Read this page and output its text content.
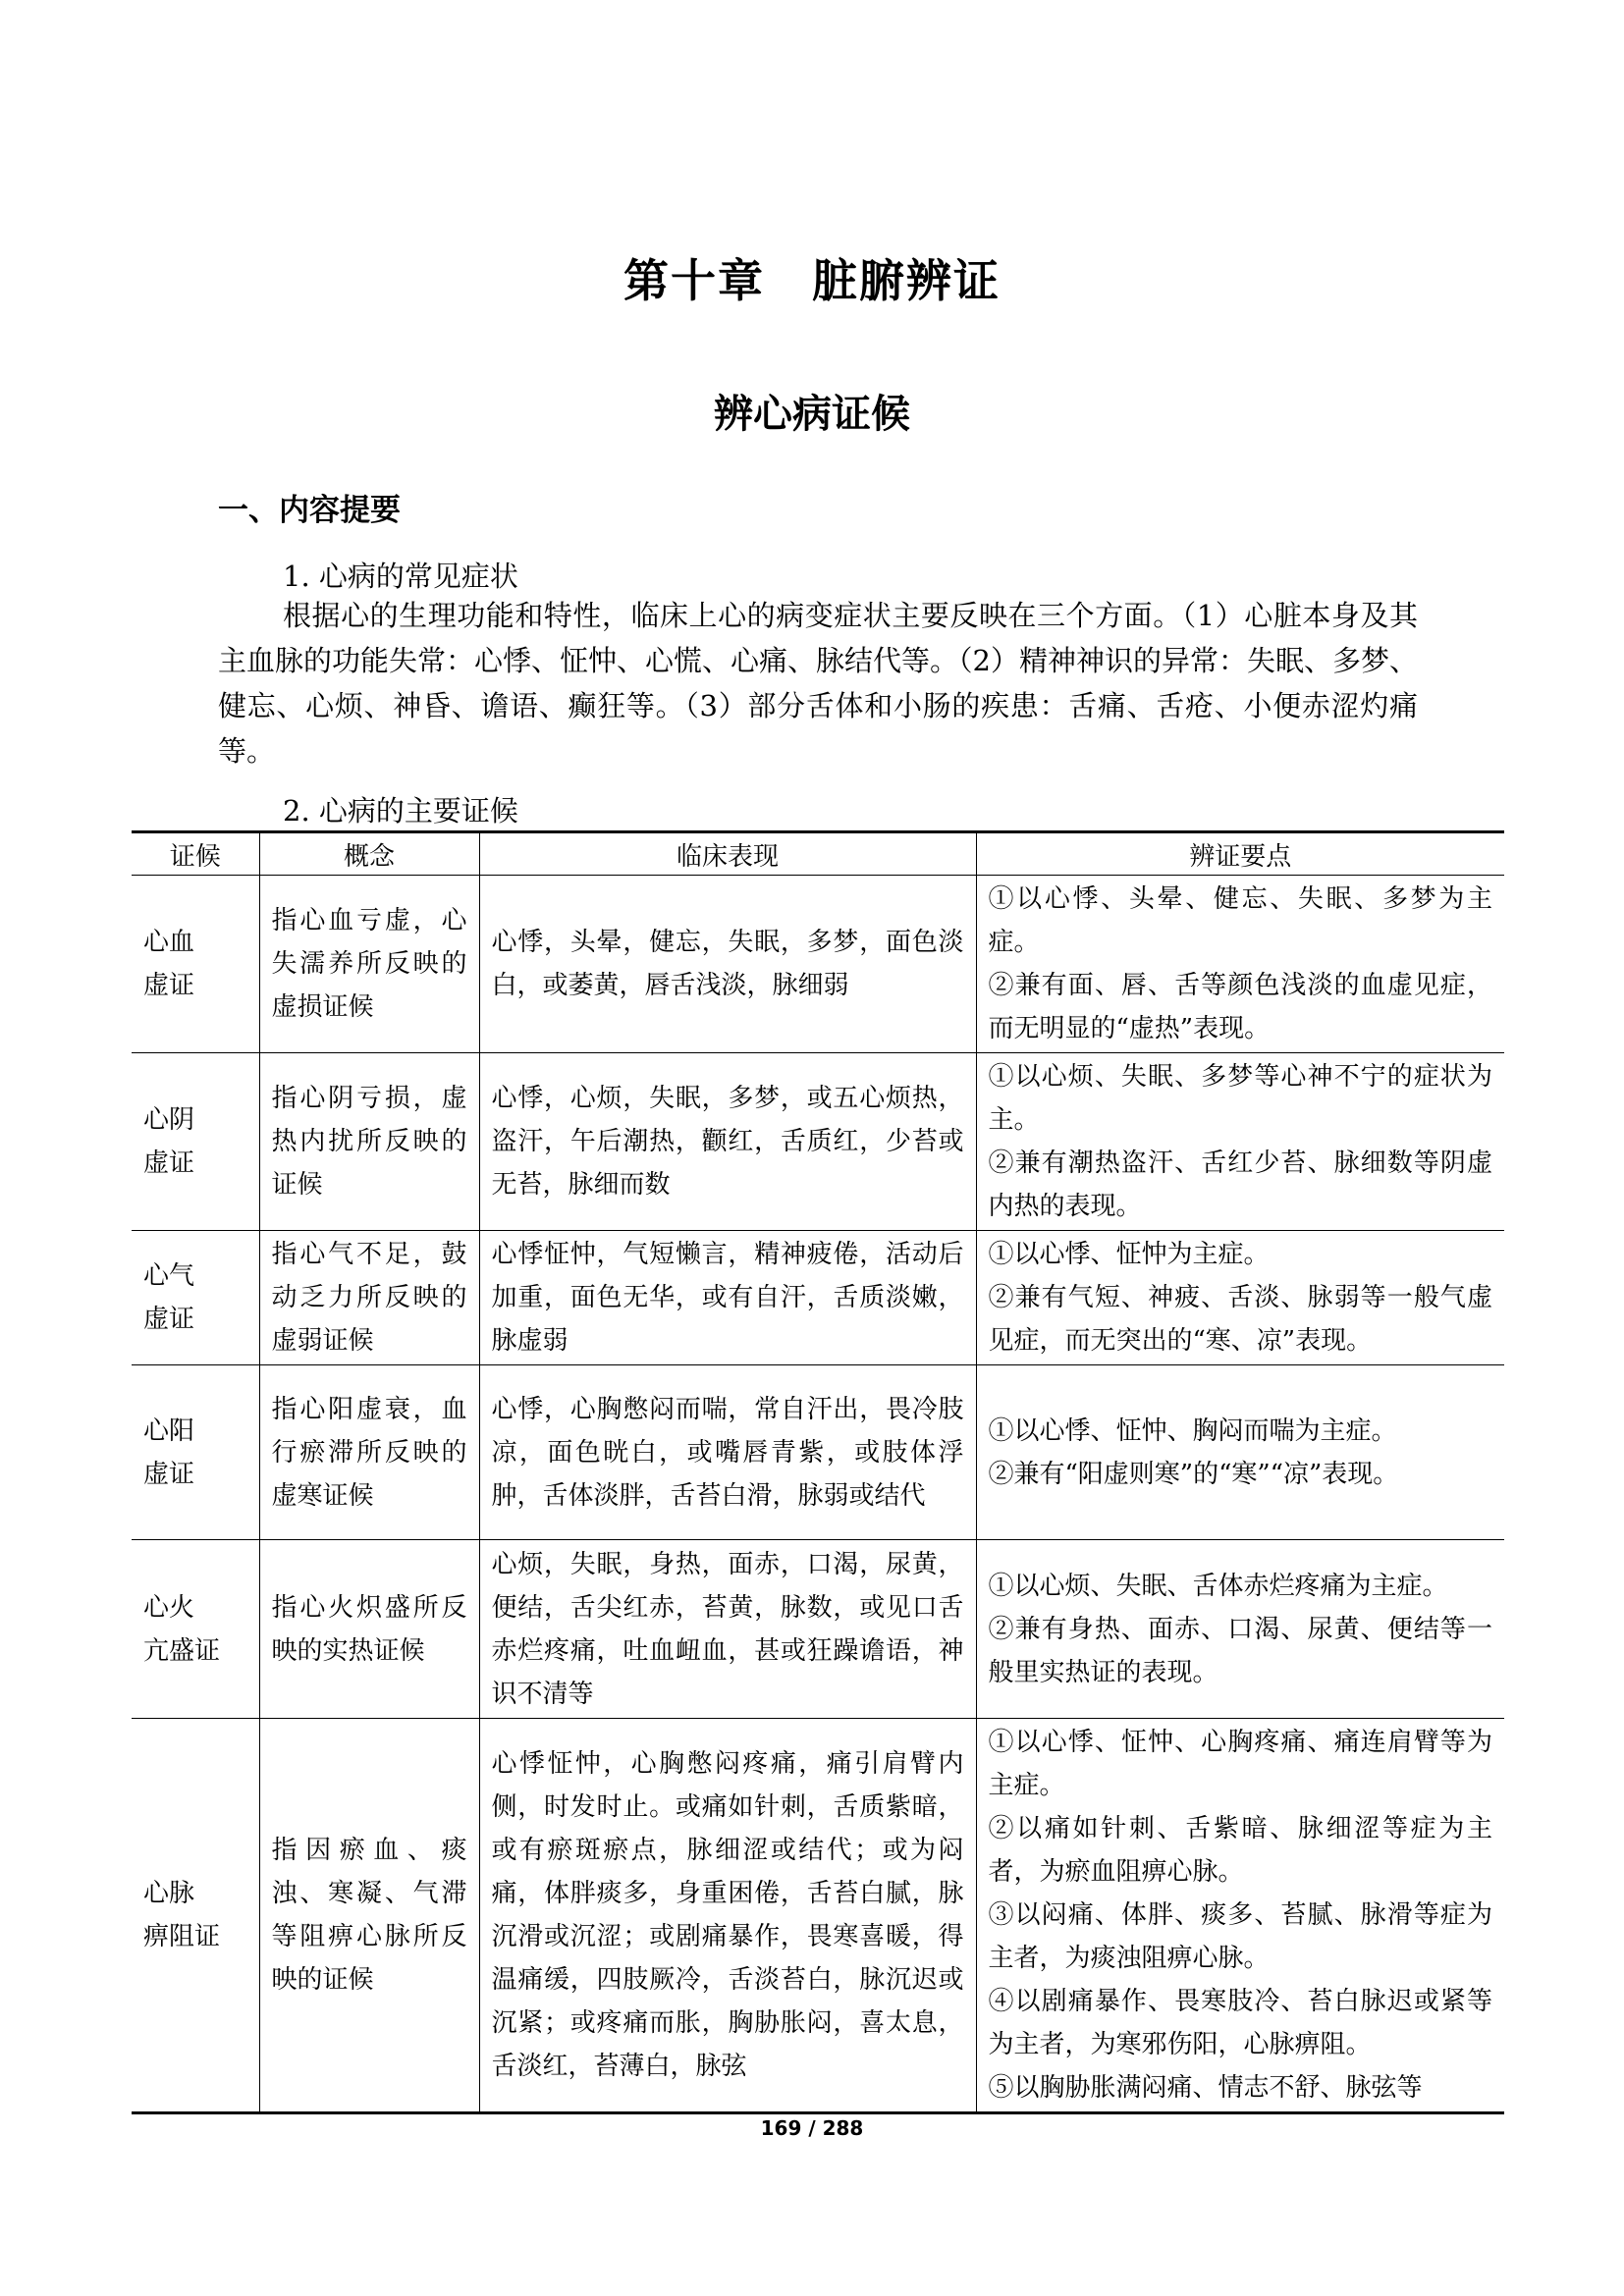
第十章　脏腑辨证
辨心病证候
一、内容提要

1. 心病的常见症状

根据心的生理功能和特性，临床上心的病变症状主要反映在三个方面。（1）心脏本身及其主血脉的功能失常：心悸、怔忡、心慌、心痛、脉结代等。（2）精神神识的异常：失眠、多梦、健忘、心烦、神昏、谵语、癫狂等。（3）部分舌体和小肠的疾患：舌痛、舌疮、小便赤涩灼痛等。

2. 心病的主要证候

证候	概念	临床表现	辨证要点

心血
虚证	指心血亏虚，心失濡养所反映的虚损证候	心悸，头晕，健忘，失眠，多梦，面色淡白，或萎黄，唇舌浅淡，脉细弱	①以心悸、头晕、健忘、失眠、多梦为主症。
②兼有面、唇、舌等颜色浅淡的血虚见症，而无明显的“虚热”表现。

心阴
虚证	指心阴亏损，虚热内扰所反映的证候	心悸，心烦，失眠，多梦，或五心烦热，盗汗，午后潮热，颧红，舌质红，少苔或无苔，脉细而数	①以心烦、失眠、多梦等心神不宁的症状为主。
②兼有潮热盗汗、舌红少苔、脉细数等阴虚内热的表现。

心气
虚证	指心气不足，鼓动乏力所反映的虚弱证候	心悸怔忡，气短懒言，精神疲倦，活动后加重，面色无华，或有自汗，舌质淡嫩，脉虚弱	①以心悸、怔忡为主症。
②兼有气短、神疲、舌淡、脉弱等一般气虚见症，而无突出的“寒、凉”表现。

心阳
虚证	指心阳虚衰，血行瘀滞所反映的虚寒证候	心悸，心胸憋闷而喘，常自汗出，畏冷肢凉，面色晄白，或嘴唇青紫，或肢体浮肿，舌体淡胖，舌苔白滑，脉弱或结代	①以心悸、怔忡、胸闷而喘为主症。
②兼有“阳虚则寒”的“寒”“凉”表现。

心火
亢盛证	指心火炽盛所反映的实热证候	心烦，失眠，身热，面赤，口渴，尿黄，便结，舌尖红赤，苔黄，脉数，或见口舌赤烂疼痛，吐血衄血，甚或狂躁谵语，神识不清等	①以心烦、失眠、舌体赤烂疼痛为主症。
②兼有身热、面赤、口渴、尿黄、便结等一般里实热证的表现。

心脉
痹阻证	指因瘀血、痰浊、寒凝、气滞等阻痹心脉所反映的证候	心悸怔忡，心胸憋闷疼痛，痛引肩臂内侧，时发时止。或痛如针刺，舌质紫暗，或有瘀斑瘀点，脉细涩或结代；或为闷痛，体胖痰多，身重困倦，舌苔白腻，脉沉滑或沉涩；或剧痛暴作，畏寒喜暖，得温痛缓，四肢厥冷，舌淡苔白，脉沉迟或沉紧；或疼痛而胀，胸胁胀闷，喜太息，舌淡红，苔薄白，脉弦	①以心悸、怔忡、心胸疼痛、痛连肩臂等为主症。
②以痛如针刺、舌紫暗、脉细涩等症为主者，为瘀血阻痹心脉。
③以闷痛、体胖、痰多、苔腻、脉滑等症为主者，为痰浊阻痹心脉。
④以剧痛暴作、畏寒肢冷、苔白脉迟或紧等为主者，为寒邪伤阳，心脉痹阻。
⑤以胸胁胀满闷痛、情志不舒、脉弦等
169 / 288
